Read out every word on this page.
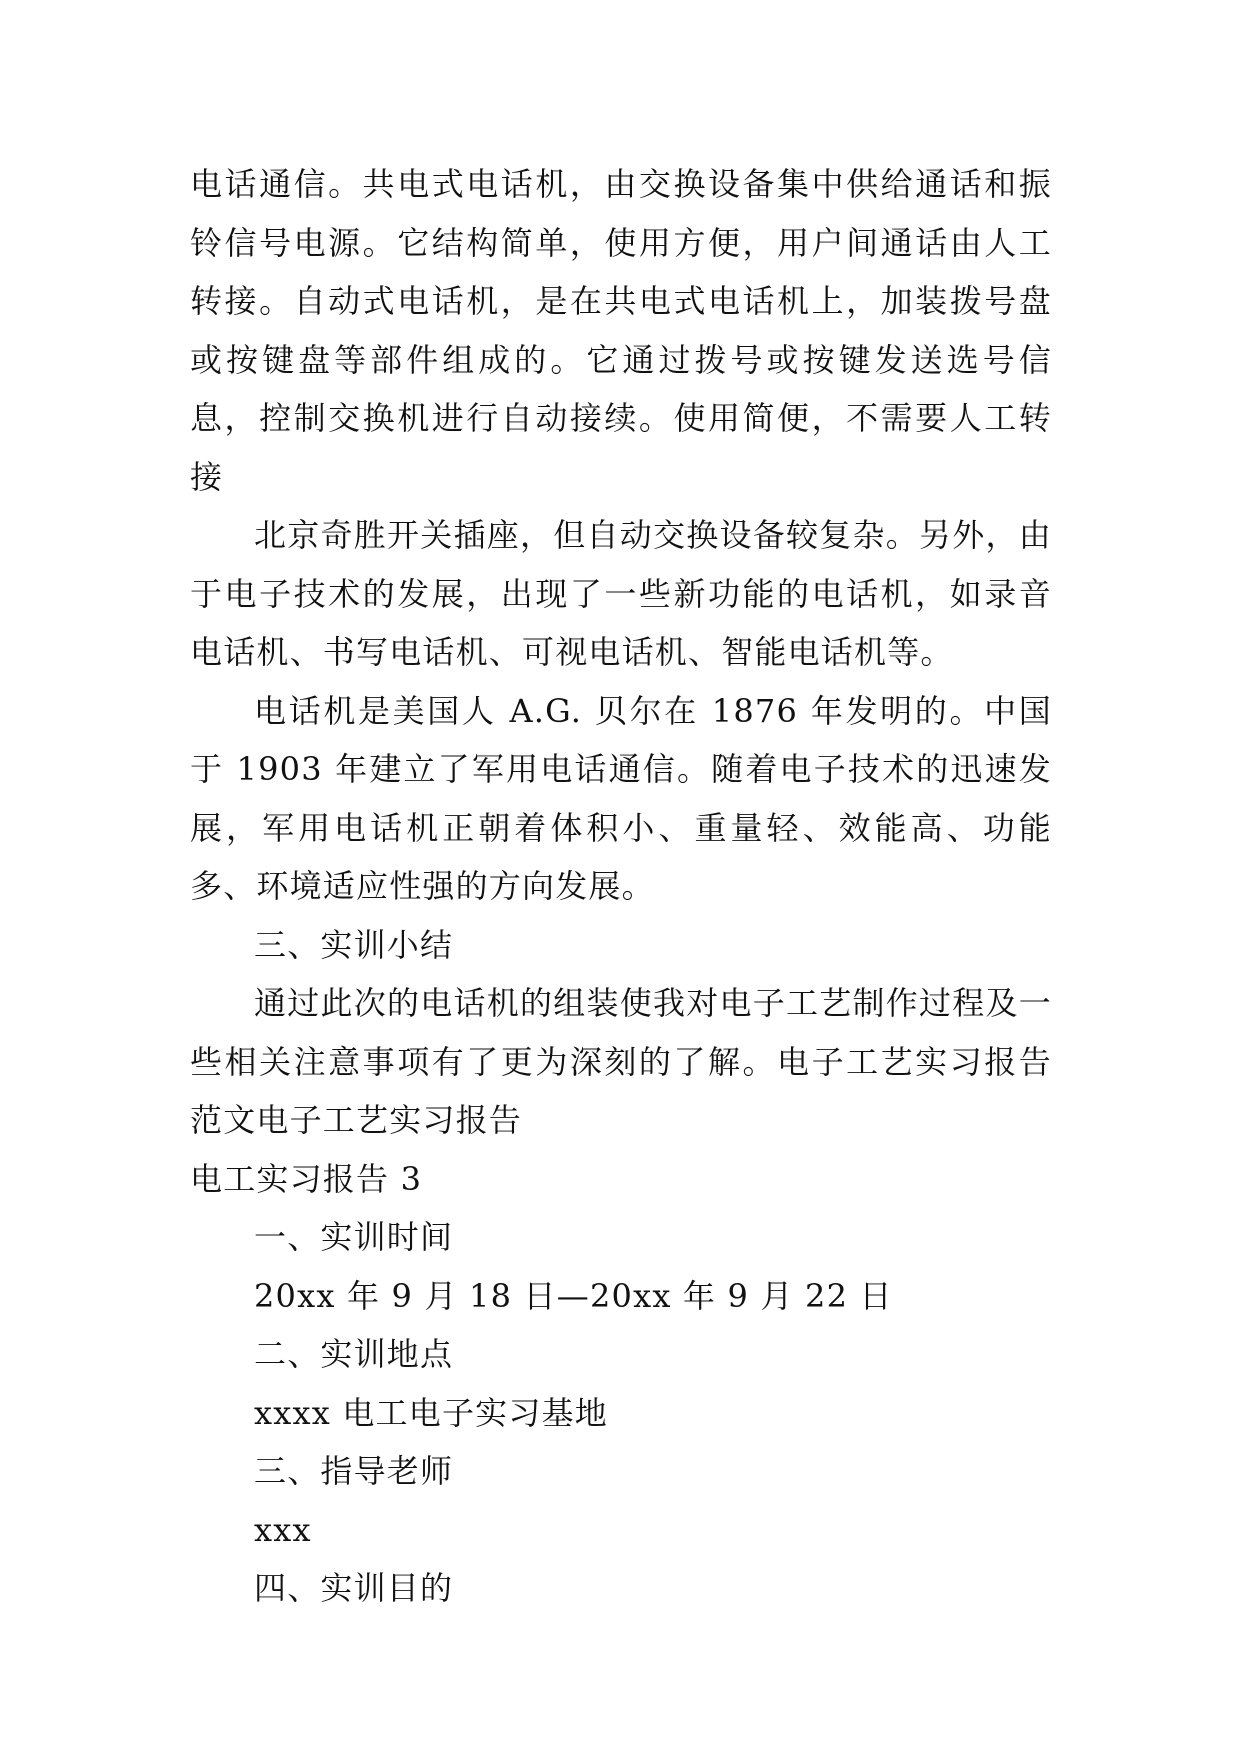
电话通信。共电式电话机，由交换设备集中供给通话和振铃信号电源。它结构简单，使用方便，用户间通话由人工转接。自动式电话机，是在共电式电话机上，加装拨号盘或按键盘等部件组成的。它通过拨号或按键发送选号信息，控制交换机进行自动接续。使用简便，不需要人工转接

北京奇胜开关插座，但自动交换设备较复杂。另外，由于电子技术的发展，出现了一些新功能的电话机，如录音电话机、书写电话机、可视电话机、智能电话机等。

电话机是美国人 A.G. 贝尔在 1876 年发明的。中国于 1903 年建立了军用电话通信。随着电子技术的迅速发展，军用电话机正朝着体积小、重量轻、效能高、功能多、环境适应性强的方向发展。

三、实训小结

通过此次的电话机的组装使我对电子工艺制作过程及一些相关注意事项有了更为深刻的了解。电子工艺实习报告范文电子工艺实习报告

电工实习报告 3

一、实训时间

20xx 年 9 月 18 日—20xx 年 9 月 22 日

二、实训地点

xxxx 电工电子实习基地

三、指导老师

xxx

四、实训目的
